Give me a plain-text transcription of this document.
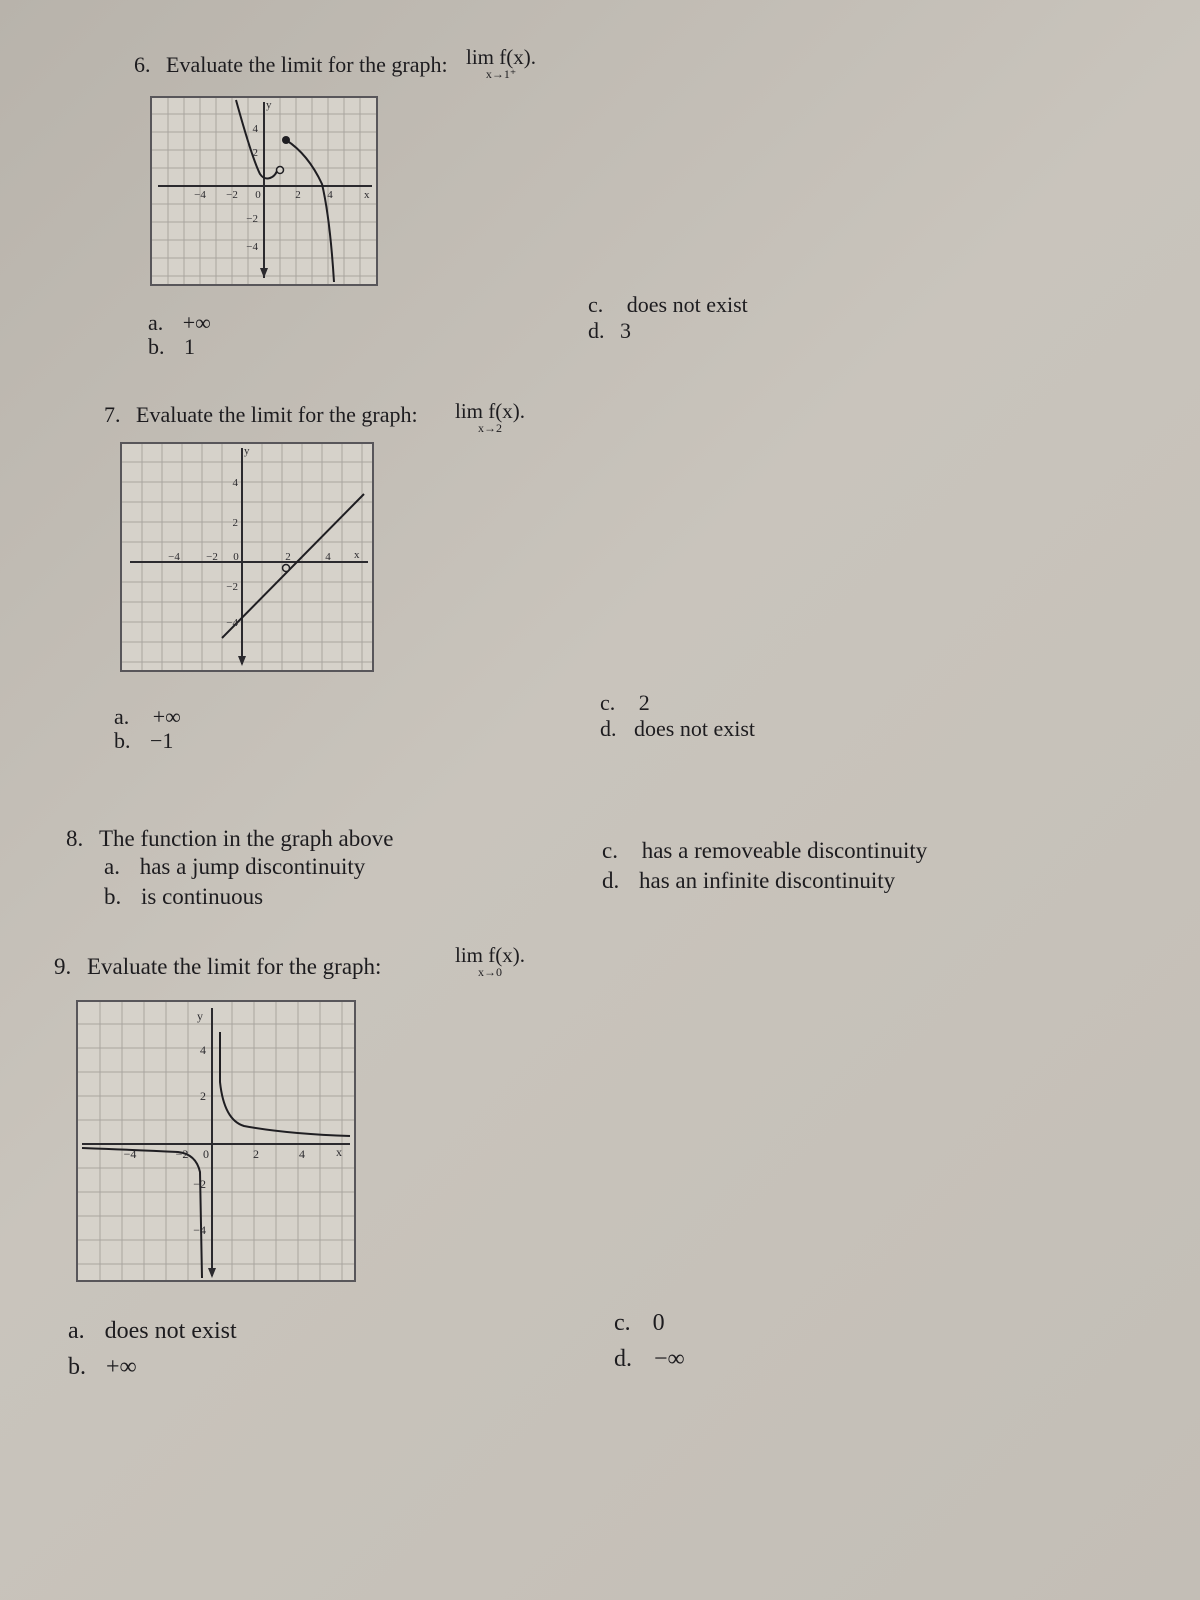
6. Evaluate the limit for the graph: lim f(x).
x→1⁺
y
x
4
2
−2
−4
−4 −2 0	2 4
a. +∞
b. 1
c. does not exist
d. 3
7. Evaluate the limit for the graph:	lim f(x).
x→2
y
x
4
2
−2
−4
−4 −2 0	2	4
a. +∞
b. −1
c. 2
d. does not exist
8. The function in the graph above
a. has a jump discontinuity
b. is continuous
c. has a removeable discontinuity
d. has an infinite discontinuity
9. Evaluate the limit for the graph:	lim f(x).
x→0
y
x
4
2
−2
−4
−4	−2 0	2	4
a. does not exist
b. +∞
c. 0
d. −∞
